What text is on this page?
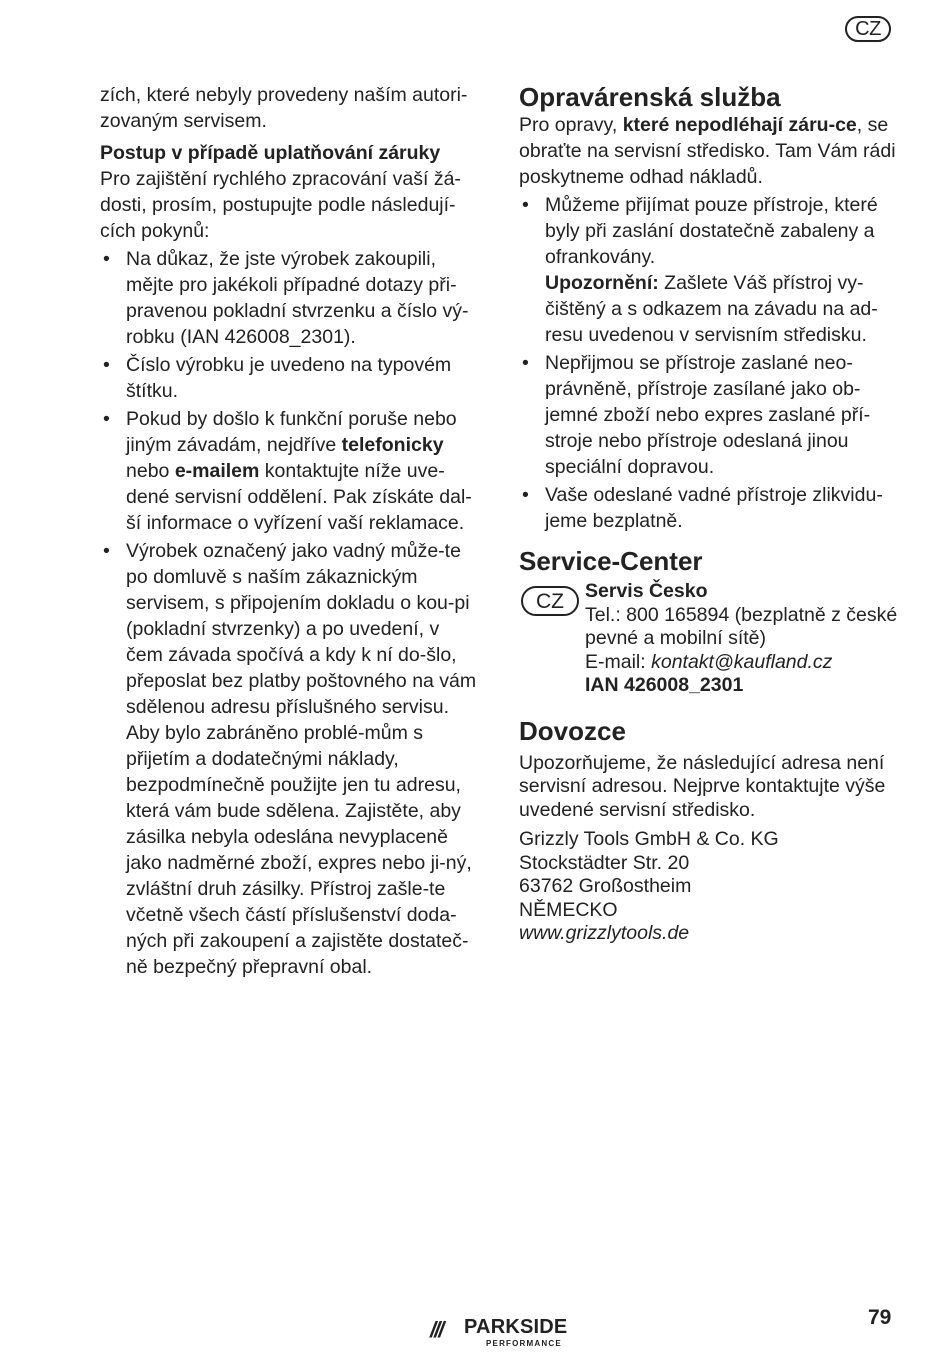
CZ

zích, které nebyly provedeny naším autori-zovaným servisem.

Postup v případě uplatňování záruky

Pro zajištění rychlého zpracování vaší žá-dosti, prosím, postupujte podle následují-cích pokynů:

• Na důkaz, že jste výrobek zakoupili, mějte pro jakékoli případné dotazy při-pravenou pokladní stvrzenku a číslo vý-robku (IAN 426008_2301).
• Číslo výrobku je uvedeno na typovém štítku.
• Pokud by došlo k funkční poruše nebo jiným závadám, nejdříve telefonicky nebo e-mailem kontaktujte níže uve-dené servisní oddělení. Pak získáte dal-ší informace o vyřízení vaší reklamace.
• Výrobek označený jako vadný může-te po domluvě s naším zákaznickým servisem, s připojením dokladu o kou-pi (pokladní stvrzenky) a po uvedení, v čem závada spočívá a kdy k ní do-šlo, přeposlat bez platby poštovného na vám sdělenou adresu příslušného servisu. Aby bylo zabráněno problé-mům s přijetím a dodatečnými náklady, bezpodmínečně použijte jen tu adresu, která vám bude sdělena. Zajistěte, aby zásilka nebyla odeslána nevyplaceně jako nadměrné zboží, expres nebo ji-ný, zvláštní druh zásilky. Přístroj zašle-te včetně všech částí příslušenství doda-ných při zakoupení a zajistěte dostateč-ně bezpečný přepravní obal.
Opravárenská služba

Pro opravy, které nepodléhají záru-ce, se obraťte na servisní středisko. Tam Vám rádi poskytneme odhad nákladů.

• Můžeme přijímat pouze přístroje, které byly při zaslání dostatečně zabaleny a ofrankovány.
Upozornění: Zašlete Váš přístroj vy-čištěný a s odkazem na závadu na ad-resu uvedenou v servisním středisku.
• Nepřijmou se přístroje zaslané neo-právněně, přístroje zasílané jako ob-jemné zboží nebo expres zaslané pří-stroje nebo přístroje odeslaná jinou speciální dopravou.
• Vaše odeslané vadné přístroje zlikvidu-jeme bezplatně.
Service-Center
CZ	Servis Česko

Tel.: 800 165894 (bezplatně z české pevné a mobilní sítě)

E-mail: kontakt@kaufland.cz

IAN 426008_2301

Dovozce

Upozorňujeme, že následující adresa není servisní adresou. Nejprve kontaktujte výše uvedené servisní středisko.

Grizzly Tools GmbH & Co. KG

Stockstädter Str. 20

63762 Großostheim

NĚMECKO

www.grizzlytools.de

/// PARKSIDE
PERFORMANCE
79
